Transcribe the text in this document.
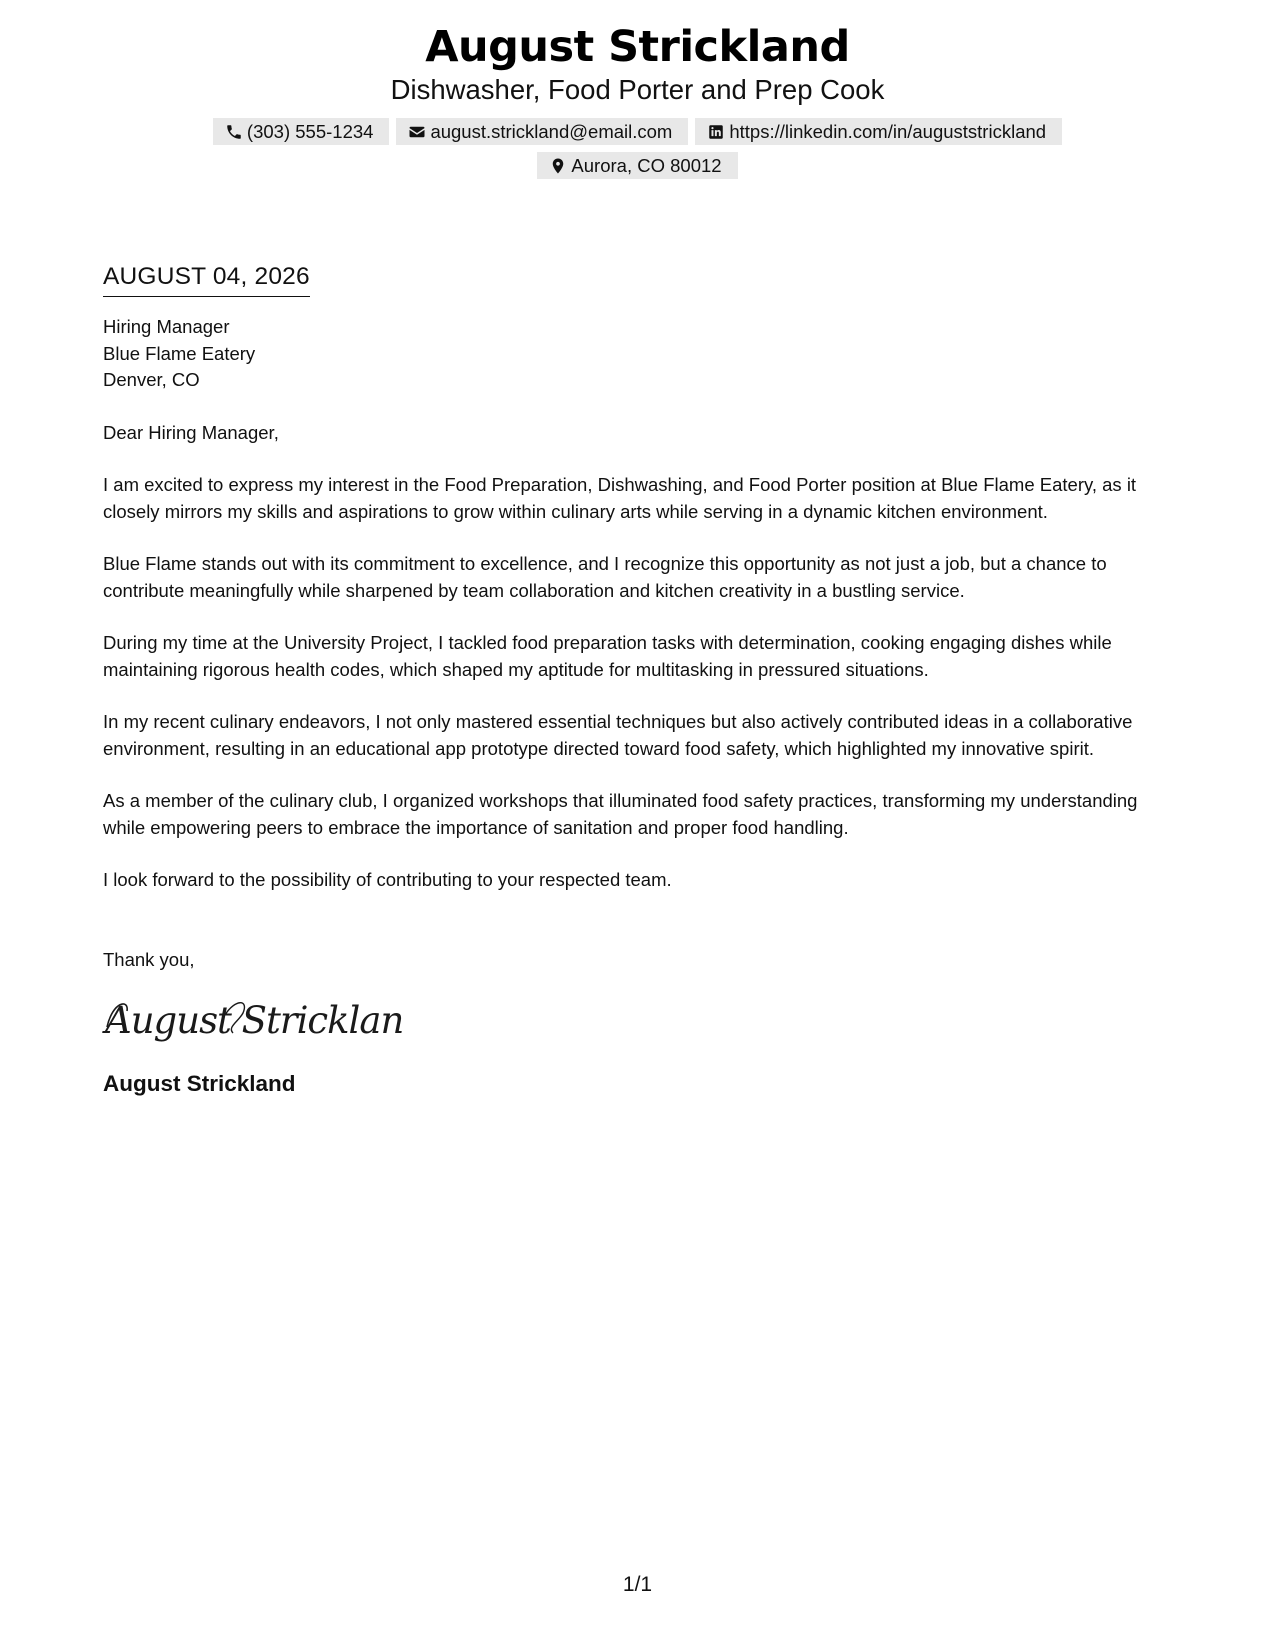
August Strickland
Dishwasher, Food Porter and Prep Cook
(303) 555-1234	august.strickland@email.com	https://linkedin.com/in/auguststrickland
Aurora, CO 80012
AUGUST 04, 2026
Hiring Manager
Blue Flame Eatery
Denver, CO
Dear Hiring Manager,
I am excited to express my interest in the Food Preparation, Dishwashing, and Food Porter position at Blue Flame Eatery, as it closely mirrors my skills and aspirations to grow within culinary arts while serving in a dynamic kitchen environment.
Blue Flame stands out with its commitment to excellence, and I recognize this opportunity as not just a job, but a chance to contribute meaningfully while sharpened by team collaboration and kitchen creativity in a bustling service.
During my time at the University Project, I tackled food preparation tasks with determination, cooking engaging dishes while maintaining rigorous health codes, which shaped my aptitude for multitasking in pressured situations.
In my recent culinary endeavors, I not only mastered essential techniques but also actively contributed ideas in a collaborative environment, resulting in an educational app prototype directed toward food safety, which highlighted my innovative spirit.
As a member of the culinary club, I organized workshops that illuminated food safety practices, transforming my understanding while empowering peers to embrace the importance of sanitation and proper food handling.
I look forward to the possibility of contributing to your respected team.
Thank you,
August Stricklan
August Strickland
1/1
